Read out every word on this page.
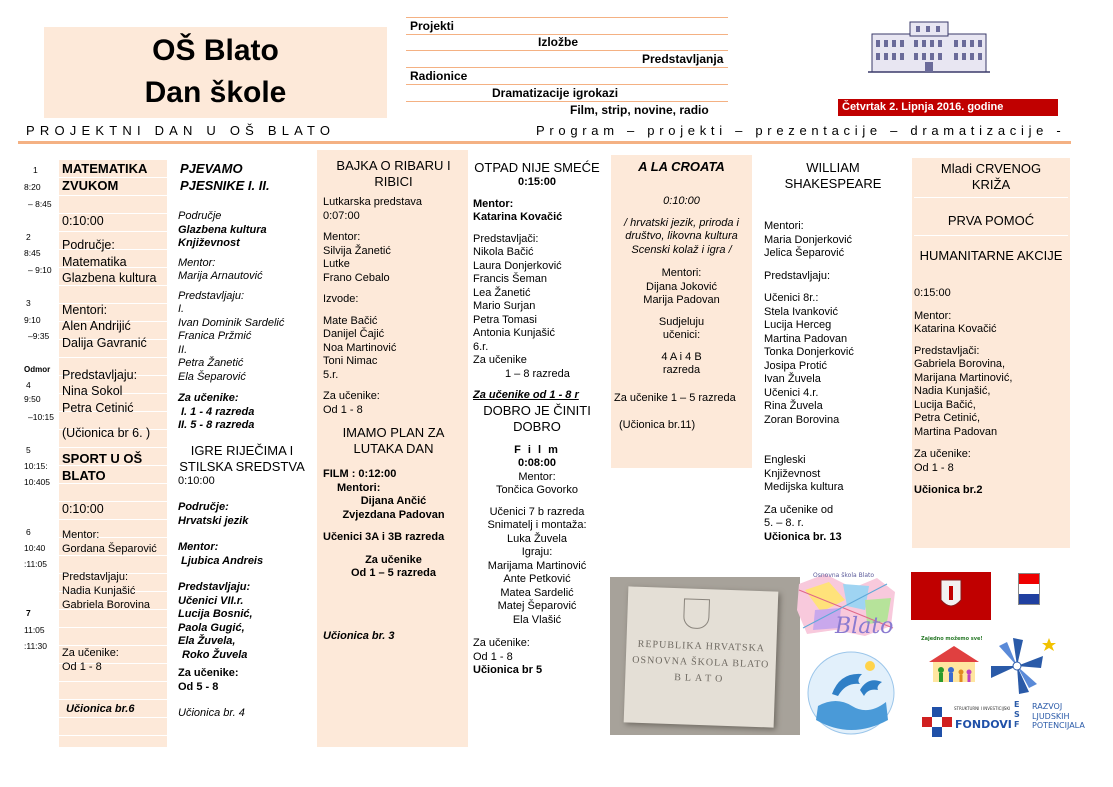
OŠ Blato
Dan škole
Projekti
Izložbe
Predstavljanja
Radionice
Dramatizacije igrokazi
Film, strip, novine, radio	Četvrtak 2. Lipnja 2016. godine
PROJEKTNI DAN U OŠ BLATO	Program – projekti – prezentacije – dramatizacije -
1
8:20
– 8:45
2
8:45
– 9:10
3
9:10
–9:35
Odmor
4
9:50
–10:15
5
10:15:
10:405
6
10:40
:11:05
7
11:05
:11:30
MATEMATIKA ZVUKOM
0:10:00
Područje:
Matematika
Glazbena kultura
Mentori:
Alen Andrijić
Dalija Gavranić
Predstavljaju:
Nina Sokol
Petra Cetinić
(Učionica br 6. )
SPORT U OŠ BLATO
0:10:00
Mentor:
Gordana Šeparović
Predstavljaju:
Nadia Kunjašić
Gabriela Borovina
Za učenike:
Od 1 - 8
Učionica br.6
PJEVAMO PJESNIKE I. II.
Područje
Glazbena kultura
Književnost
Mentor:
Marija Arnautović
Predstavljaju:
I.
Ivan Dominik Sardelić
Franica Pržmić
II.
Petra Žanetić
Ela Šeparović
Za učenike:
I. 1 - 4 razreda
II. 5 - 8 razreda
IGRE RIJEČIMA I STILSKA SREDSTVA
0:10:00
Područje:
Hrvatski jezik
Mentor:
Ljubica Andreis
Predstavljaju:
Učenici VII.r.
Lucija Bosnić,
Paola Gugić,
Ela Žuvela,
Roko Žuvela
Za učenike:
Od 5 - 8
Učionica br. 4
BAJKA O RIBARU I RIBICI
Lutkarska predstava
0:07:00
Mentor:
Silvija Žanetić
Lutke
Frano Cebalo
Izvode:
Mate Bačić
Danijel Čajić
Noa Martinović
Toni Nimac
5.r.
Za učenike:
Od 1 - 8
IMAMO PLAN ZA LUTAKA DAN
FILM : 0:12:00
Mentori:
Dijana Ančić
Zvjezdana Padovan
Učenici 3A i 3B razreda
Za učenike
Od 1 – 5 razreda
Učionica br. 3
OTPAD NIJE SMEĆE
0:15:00
Mentor:
Katarina Kovačić
Predstavljači:
Nikola Bačić
Laura Donjerković
Francis Šeman
Lea Žanetić
Mario Surjan
Petra Tomasi
Antonia Kunjašić
6.r.
Za učenike
1 – 8 razreda
Za učenike od 1 - 8 r
DOBRO JE ČINITI DOBRO
F i l m
0:08:00
Mentor:
Tončica Govorko
Učenici 7 b razreda
Snimatelj i montaža:
Luka Žuvela
Igraju:
Marijama Martinović
Ante Petković
Matea Sardelić
Matej Šeparović
Ela Vlašić
Za učenike:
Od 1 - 8
Učionica br 5
A LA CROATA
0:10:00
/ hrvatski jezik, priroda i društvo, likovna kultura Scenski kolaž i igra /
Mentori:
Dijana Joković
Marija Padovan
Sudjeluju učenici:
4 A i 4 B razreda
Za učenike 1 – 5 razreda
(Učionica br.11)
REPUBLIKA HRVATSKA
OSNOVNA ŠKOLA BLATO
BLATO
WILLIAM SHAKESPEARE
Mentori:
Maria Donjerković
Jelica Šeparović
Predstavljaju:
Učenici 8r.:
Stela Ivanković
Lucija Herceg
Martina Padovan
Tonka Donjerković
Josipa Protić
Ivan Žuvela
Učenici 4.r.
Rina Žuvela
Zoran Borovina
Engleski
Književnost
Medijska kultura
Za učenike od
5. – 8. r.
Učionica br. 13
Osnovna škola Blato
Blato
Mladi CRVENOG KRIŽA
PRVA POMOĆ
HUMANITARNE AKCIJE
0:15:00
Mentor:
Katarina Kovačić
Predstavljači:
Gabriela Borovina,
Marijana Martinović,
Nadia Kunjašić,
Lucija Bačić,
Petra Cetinić,
Martina Padovan
Za učenike:
Od 1 - 8
Učionica br.2
Zajedno možemo sve!
RAZVOJ
LJUDSKIH
POTENCIJALA
E S F
STRUKTURNI I INVESTICIJSKI
FONDOVI
